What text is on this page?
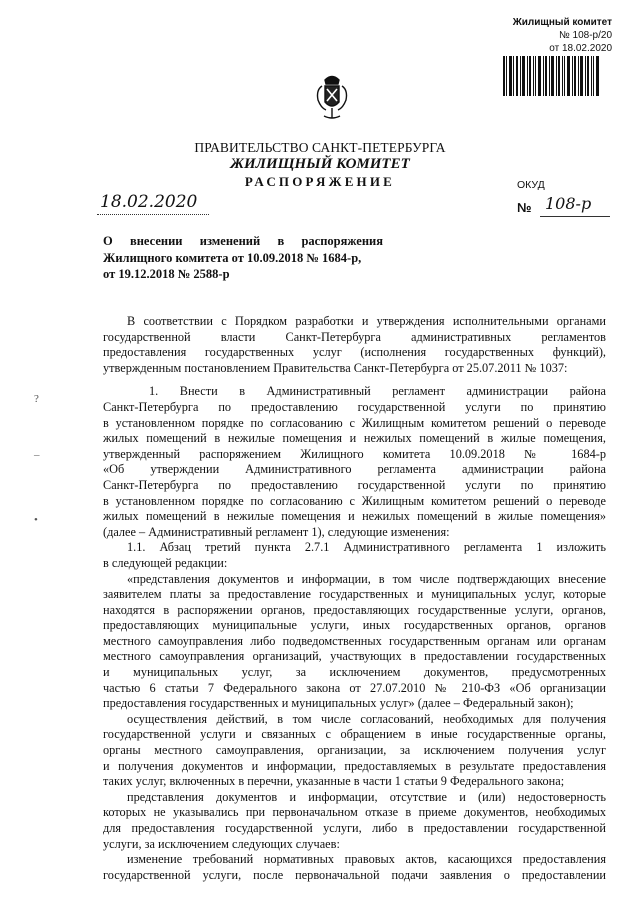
Жилищный комитет
№ 108-р/20
от 18.02.2020
ПРАВИТЕЛЬСТВО САНКТ-ПЕТЕРБУРГА
ЖИЛИЩНЫЙ КОМИТЕТ
РАСПОРЯЖЕНИЕ	ОКУД
18.02.2020	№ 108-р
О внесении изменений в распоряжения
Жилищного комитета от 10.09.2018 № 1684-р,
от 19.12.2018 № 2588-р
?
–
•
В соответствии с Порядком разработки и утверждения исполнительными органами
государственной власти Санкт-Петербурга административных регламентов
предоставления государственных услуг (исполнения государственных функций),
утвержденным постановлением Правительства Санкт-Петербурга от 25.07.2011 № 1037:
1. Внести в Административный регламент администрации района
Санкт-Петербурга по предоставлению государственной услуги по принятию
в установленном порядке по согласованию с Жилищным комитетом решений о переводе
жилых помещений в нежилые помещения и нежилых помещений в жилые помещения,
утвержденный распоряжением Жилищного комитета 10.09.2018 № 1684-р
«Об утверждении Административного регламента администрации района
Санкт-Петербурга по предоставлению государственной услуги по принятию
в установленном порядке по согласованию с Жилищным комитетом решений о переводе
жилых помещений в нежилые помещения и нежилых помещений в жилые помещения»
(далее – Административный регламент 1), следующие изменения:
1.1. Абзац третий пункта 2.7.1 Административного регламента 1 изложить
в следующей редакции:
«представления документов и информации, в том числе подтверждающих внесение
заявителем платы за предоставление государственных и муниципальных услуг, которые
находятся в распоряжении органов, предоставляющих государственные услуги, органов,
предоставляющих муниципальные услуги, иных государственных органов, органов
местного самоуправления либо подведомственных государственным органам или органам
местного самоуправления организаций, участвующих в предоставлении государственных
и муниципальных услуг, за исключением документов, предусмотренных
частью 6 статьи 7 Федерального закона от 27.07.2010 № 210-ФЗ «Об организации
предоставления государственных и муниципальных услуг» (далее – Федеральный закон);
осуществления действий, в том числе согласований, необходимых для получения
государственной услуги и связанных с обращением в иные государственные органы,
органы местного самоуправления, организации, за исключением получения услуг
и получения документов и информации, предоставляемых в результате предоставления
таких услуг, включенных в перечни, указанные в части 1 статьи 9 Федерального закона;
представления документов и информации, отсутствие и (или) недостоверность
которых не указывались при первоначальном отказе в приеме документов, необходимых
для предоставления государственной услуги, либо в предоставлении государственной
услуги, за исключением следующих случаев:
изменение требований нормативных правовых актов, касающихся предоставления
государственной услуги, после первоначальной подачи заявления о предоставлении
